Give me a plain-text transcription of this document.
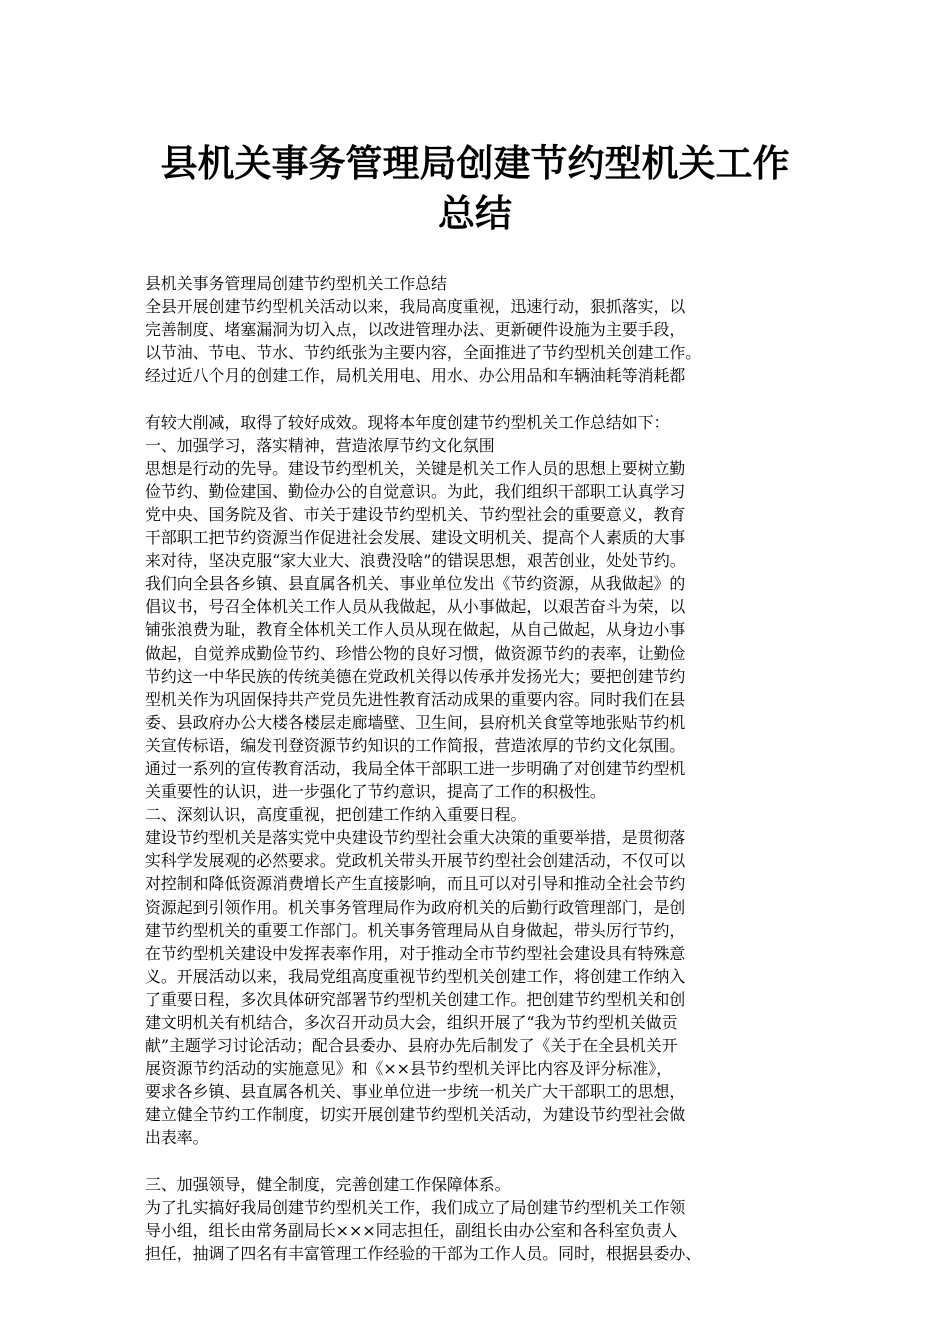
县机关事务管理局创建节约型机关工作
总结
县机关事务管理局创建节约型机关工作总结
全县开展创建节约型机关活动以来，我局高度重视，迅速行动，狠抓落实，以
完善制度、堵塞漏洞为切入点，以改进管理办法、更新硬件设施为主要手段，
以节油、节电、节水、节约纸张为主要内容，全面推进了节约型机关创建工作。
经过近八个月的创建工作，局机关用电、用水、办公用品和车辆油耗等消耗都
有较大削减，取得了较好成效。现将本年度创建节约型机关工作总结如下：
一、加强学习，落实精神，营造浓厚节约文化氛围
思想是行动的先导。建设节约型机关，关键是机关工作人员的思想上要树立勤
俭节约、勤俭建国、勤俭办公的自觉意识。为此，我们组织干部职工认真学习
党中央、国务院及省、市关于建设节约型机关、节约型社会的重要意义，教育
干部职工把节约资源当作促进社会发展、建设文明机关、提高个人素质的大事
来对待，坚决克服“家大业大、浪费没啥”的错误思想，艰苦创业，处处节约。
我们向全县各乡镇、县直属各机关、事业单位发出《节约资源，从我做起》的
倡议书，号召全体机关工作人员从我做起，从小事做起，以艰苦奋斗为荣，以
铺张浪费为耻，教育全体机关工作人员从现在做起，从自己做起，从身边小事
做起，自觉养成勤俭节约、珍惜公物的良好习惯，做资源节约的表率，让勤俭
节约这一中华民族的传统美德在党政机关得以传承并发扬光大；要把创建节约
型机关作为巩固保持共产党员先进性教育活动成果的重要内容。同时我们在县
委、县政府办公大楼各楼层走廊墙壁、卫生间，县府机关食堂等地张贴节约机
关宣传标语，编发刊登资源节约知识的工作简报，营造浓厚的节约文化氛围。
通过一系列的宣传教育活动，我局全体干部职工进一步明确了对创建节约型机
关重要性的认识，进一步强化了节约意识，提高了工作的积极性。
二、深刻认识，高度重视，把创建工作纳入重要日程。
建设节约型机关是落实党中央建设节约型社会重大决策的重要举措，是贯彻落
实科学发展观的必然要求。党政机关带头开展节约型社会创建活动，不仅可以
对控制和降低资源消费增长产生直接影响，而且可以对引导和推动全社会节约
资源起到引领作用。机关事务管理局作为政府机关的后勤行政管理部门，是创
建节约型机关的重要工作部门。机关事务管理局从自身做起，带头厉行节约，
在节约型机关建设中发挥表率作用，对于推动全市节约型社会建设具有特殊意
义。开展活动以来，我局党组高度重视节约型机关创建工作，将创建工作纳入
了重要日程，多次具体研究部署节约型机关创建工作。把创建节约型机关和创
建文明机关有机结合，多次召开动员大会，组织开展了“我为节约型机关做贡
献”主题学习讨论活动；配合县委办、县府办先后制发了《关于在全县机关开
展资源节约活动的实施意见》和《××县节约型机关评比内容及评分标准》，
要求各乡镇、县直属各机关、事业单位进一步统一机关广大干部职工的思想，
建立健全节约工作制度，切实开展创建节约型机关活动，为建设节约型社会做
出表率。
三、加强领导，健全制度，完善创建工作保障体系。
为了扎实搞好我局创建节约型机关工作，我们成立了局创建节约型机关工作领
导小组，组长由常务副局长×××同志担任，副组长由办公室和各科室负责人
担任，抽调了四名有丰富管理工作经验的干部为工作人员。同时，根据县委办、
